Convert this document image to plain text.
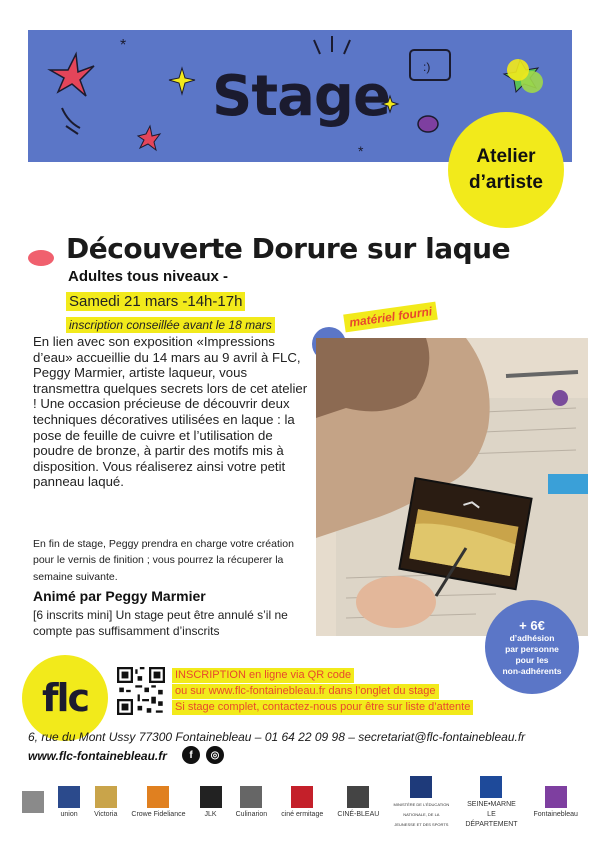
*
:)
*
Stage
Atelier
d’artiste
Découverte Dorure sur laque
Adultes tous niveaux -
Samedi 21 mars -14h-17h
inscription conseillée avant le 18 mars	matériel fourni
En lien avec son exposition «Impressions d’eau» accueillie du 14 mars au 9 avril à FLC, Peggy Marmier, artiste laqueur, vous transmettra quelques secrets lors de cet atelier ! Une occasion précieuse de découvrir deux techniques décoratives utilisées en laque : la pose de feuille de cuivre et l’utilisation de poudre de bronze, à partir des motifs mis à disposition. Vous réaliserez ainsi votre petit panneau laqué.
En fin de stage, Peggy prendra en charge votre création pour le vernis de finition ; vous pourrez la récuperer la semaine suivante.
Animé par Peggy Marmier
[6 inscrits mini] Un stage peut être annulé s’il ne compte pas suffisamment d’inscrits	+ 6€
d’adhésion
par personne
pour les
non-adhérents
flc
INSCRIPTION en ligne via QR code
ou sur www.flc-fontainebleau.fr dans l’onglet du stage
Si stage complet, contactez-nous pour être sur liste d’attente
6, rue du Mont Ussy 77300 Fontainebleau – 01 64 22 09 98 – secretariat@flc-fontainebleau.fr
www.flc-fontainebleau.fr	f	◎
union Victoria Crowe Fideliance	JLK	Culinarion ciné ermitage CINÉ-BLEAU
MINISTÈRE DE L’ÉDUCATION NATIONALE, DE LA JEUNESSE ET DES SPORTS
SEINE•MARNE LE DÉPARTEMENT
Fontainebleau
